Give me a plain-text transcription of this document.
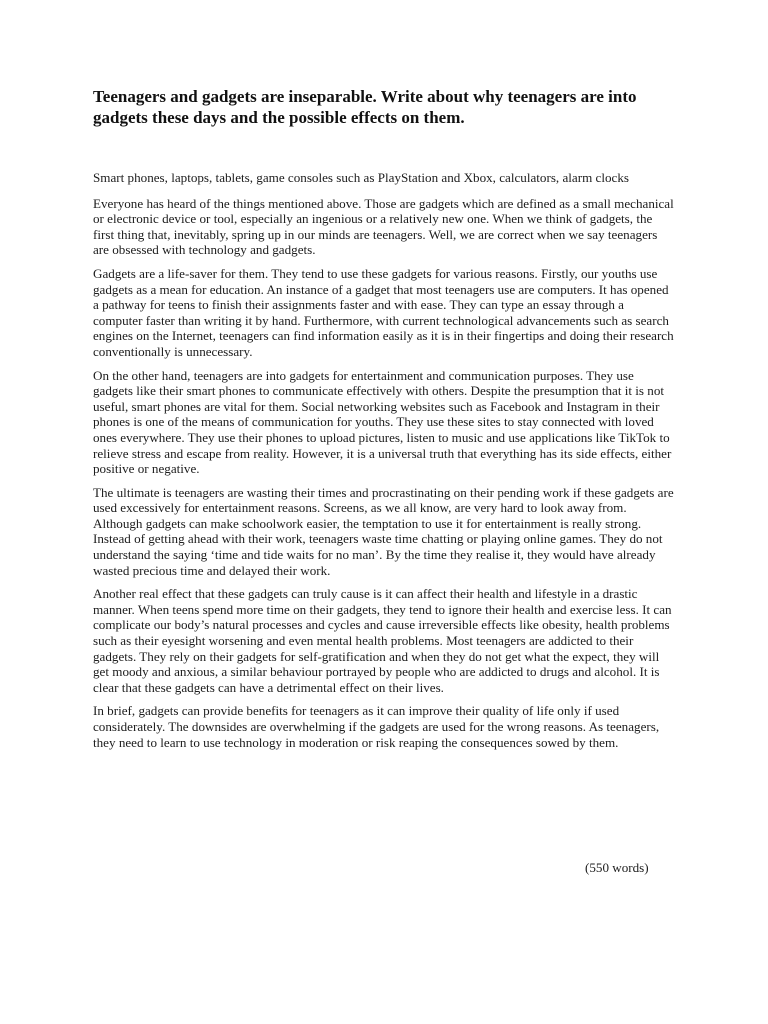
Teenagers and gadgets are inseparable. Write about why teenagers are into gadgets these days and the possible effects on them.

Smart phones, laptops, tablets, game consoles such as PlayStation and Xbox, calculators, alarm clocks

Everyone has heard of the things mentioned above. Those are gadgets which are defined as a small mechanical or electronic device or tool, especially an ingenious or a relatively new one. When we think of gadgets, the first thing that, inevitably, spring up in our minds are teenagers. Well, we are correct when we say teenagers are obsessed with technology and gadgets.

Gadgets are a life-saver for them. They tend to use these gadgets for various reasons. Firstly, our youths use gadgets as a mean for education. An instance of a gadget that most teenagers use are computers. It has opened a pathway for teens to finish their assignments faster and with ease. They can type an essay through a computer faster than writing it by hand. Furthermore, with current technological advancements such as search engines on the Internet, teenagers can find information easily as it is in their fingertips and doing their research conventionally is unnecessary.

On the other hand, teenagers are into gadgets for entertainment and communication purposes. They use gadgets like their smart phones to communicate effectively with others. Despite the presumption that it is not useful, smart phones are vital for them. Social networking websites such as Facebook and Instagram in their phones is one of the means of communication for youths. They use these sites to stay connected with loved ones everywhere. They use their phones to upload pictures, listen to music and use applications like TikTok to relieve stress and escape from reality. However, it is a universal truth that everything has its side effects, either positive or negative.

The ultimate is teenagers are wasting their times and procrastinating on their pending work if these gadgets are used excessively for entertainment reasons. Screens, as we all know, are very hard to look away from. Although gadgets can make schoolwork easier, the temptation to use it for entertainment is really strong. Instead of getting ahead with their work, teenagers waste time chatting or playing online games. They do not understand the saying ‘time and tide waits for no man’. By the time they realise it, they would have already wasted precious time and delayed their work.

Another real effect that these gadgets can truly cause is it can affect their health and lifestyle in a drastic manner. When teens spend more time on their gadgets, they tend to ignore their health and exercise less. It can complicate our body’s natural processes and cycles and cause irreversible effects like obesity, health problems such as their eyesight worsening and even mental health problems. Most teenagers are addicted to their gadgets. They rely on their gadgets for self-gratification and when they do not get what the expect, they will get moody and anxious, a similar behaviour portrayed by people who are addicted to drugs and alcohol. It is clear that these gadgets can have a detrimental effect on their lives.

In brief, gadgets can provide benefits for teenagers as it can improve their quality of life only if used considerately. The downsides are overwhelming if the gadgets are used for the wrong reasons. As teenagers, they need to learn to use technology in moderation or risk reaping the consequences sowed by them.

(550 words)
